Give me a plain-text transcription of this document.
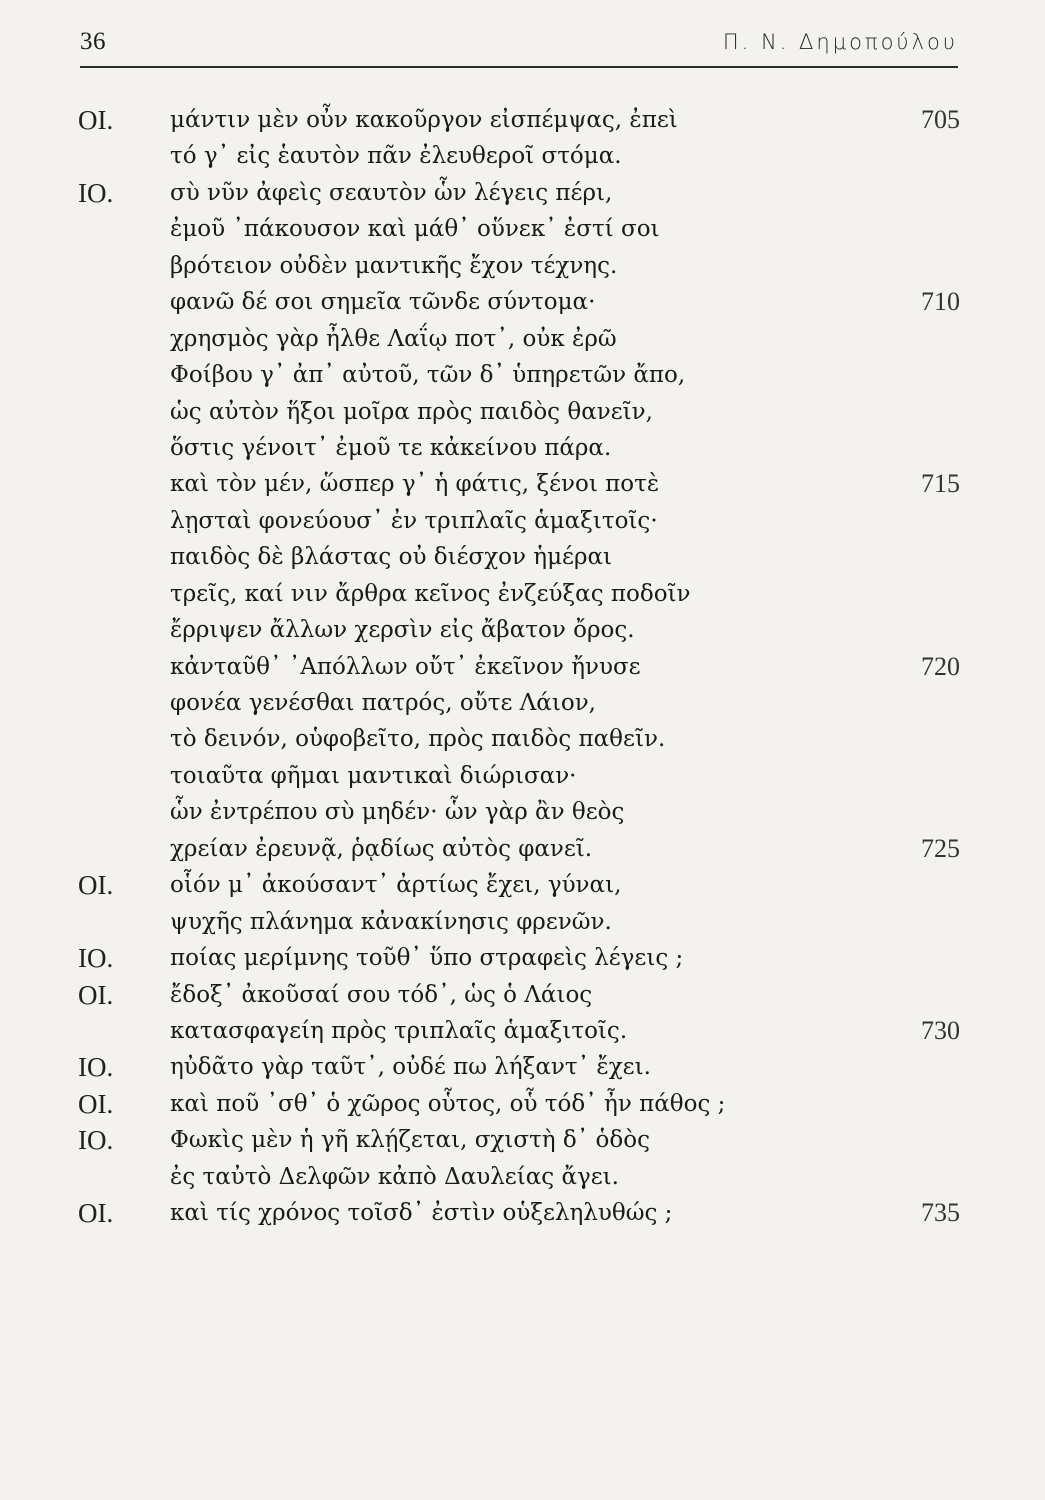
36	Π. Ν. Δημοπούλου
ΟΙ.	μάντιν μὲν οὖν κακοῦργον εἰσπέμψας, ἐπεὶ	705
τό γ᾽ εἰς ἑαυτὸν πᾶν ἐλευθεροῖ στόμα.
ΙΟ.	σὺ νῦν ἀφεὶς σεαυτὸν ὧν λέγεις πέρι,
ἐμοῦ ᾽πάκουσον καὶ μάθ᾽ οὕνεκ᾽ ἐστί σοι
βρότειον οὐδὲν μαντικῆς ἔχον τέχνης.
φανῶ δέ σοι σημεῖα τῶνδε σύντομα·	710
χρησμὸς γὰρ ἦλθε Λαΐῳ ποτ᾽, οὐκ ἐρῶ
Φοίβου γ᾽ ἀπ᾽ αὐτοῦ, τῶν δ᾽ ὑπηρετῶν ἄπο,
ὡς αὐτὸν ἥξοι μοῖρα πρὸς παιδὸς θανεῖν,
ὅστις γένοιτ᾽ ἐμοῦ τε κἀκείνου πάρα.
καὶ τὸν μέν, ὥσπερ γ᾽ ἡ φάτις, ξένοι ποτὲ	715
λῃσταὶ φονεύουσ᾽ ἐν τριπλαῖς ἁμαξιτοῖς·
παιδὸς δὲ βλάστας οὐ διέσχον ἡμέραι
τρεῖς, καί νιν ἄρθρα κεῖνος ἐνζεύξας ποδοῖν
ἔρριψεν ἄλλων χερσὶν εἰς ἄβατον ὄρος.
κἀνταῦθ᾽ ᾽Απόλλων οὔτ᾽ ἐκεῖνον ἤνυσε	720
φονέα γενέσθαι πατρός, οὔτε Λάιον,
τὸ δεινόν, οὑφοβεῖτο, πρὸς παιδὸς παθεῖν.
τοιαῦτα φῆμαι μαντικαὶ διώρισαν·
ὧν ἐντρέπου σὺ μηδέν· ὧν γὰρ ἂν θεὸς
χρείαν ἐρευνᾷ, ῥᾳδίως αὐτὸς φανεῖ.	725
ΟΙ.	οἷόν μ᾽ ἀκούσαντ᾽ ἀρτίως ἔχει, γύναι,
ψυχῆς πλάνημα κἀνακίνησις φρενῶν.
ΙΟ.	ποίας μερίμνης τοῦθ᾽ ὕπο στραφεὶς λέγεις ;
ΟΙ.	ἔδοξ᾽ ἀκοῦσαί σου τόδ᾽, ὡς ὁ Λάιος
κατασφαγείη πρὸς τριπλαῖς ἁμαξιτοῖς.	730
ΙΟ.	ηὐδᾶτο γὰρ ταῦτ᾽, οὐδέ πω λήξαντ᾽ ἔχει.
ΟΙ.	καὶ ποῦ ᾽σθ᾽ ὁ χῶρος οὗτος, οὗ τόδ᾽ ἦν πάθος ;
ΙΟ.	Φωκὶς μὲν ἡ γῆ κλῄζεται, σχιστὴ δ᾽ ὁδὸς
ἐς ταὐτὸ Δελφῶν κἀπὸ Δαυλείας ἄγει.
ΟΙ.	καὶ τίς χρόνος τοῖσδ᾽ ἐστὶν οὑξεληλυθώς ;	735
